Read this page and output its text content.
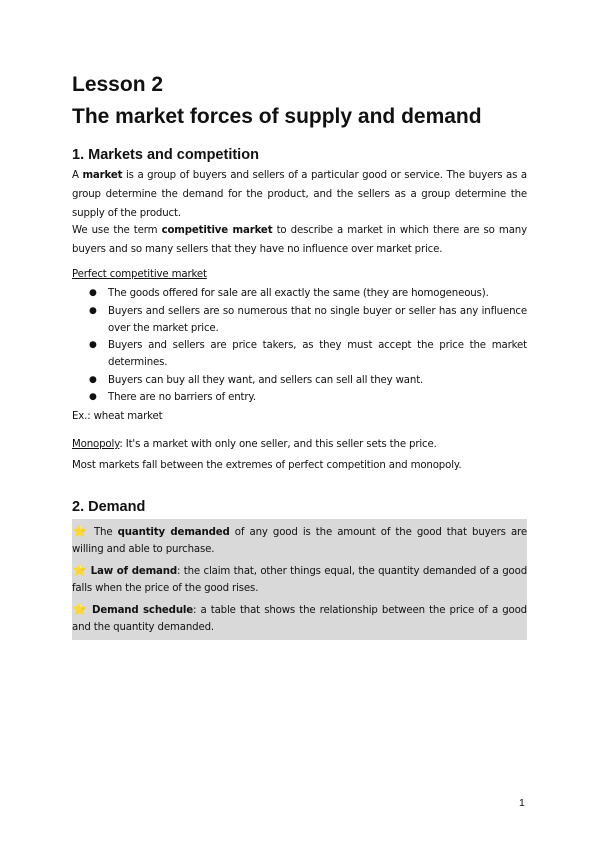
Lesson 2
The market forces of supply and demand
1. Markets and competition

A market is a group of buyers and sellers of a particular good or service. The buyers as a group determine the demand for the product, and the sellers as a group determine the supply of the product.

We use the term competitive market to describe a market in which there are so many buyers and so many sellers that they have no influence over market price.

Perfect competitive market

● The goods offered for sale are all exactly the same (they are homogeneous).
● Buyers and sellers are so numerous that no single buyer or seller has any influence over the market price.
● Buyers and sellers are price takers, as they must accept the price the market determines.
● Buyers can buy all they want, and sellers can sell all they want.
● There are no barriers of entry.

Ex.: wheat market

Monopoly: It's a market with only one seller, and this seller sets the price.

Most markets fall between the extremes of perfect competition and monopoly.

2. Demand

⭐ The quantity demanded of any good is the amount of the good that buyers are willing and able to purchase.

⭐ Law of demand: the claim that, other things equal, the quantity demanded of a good falls when the price of the good rises.

⭐ Demand schedule: a table that shows the relationship between the price of a good and the quantity demanded.

1
